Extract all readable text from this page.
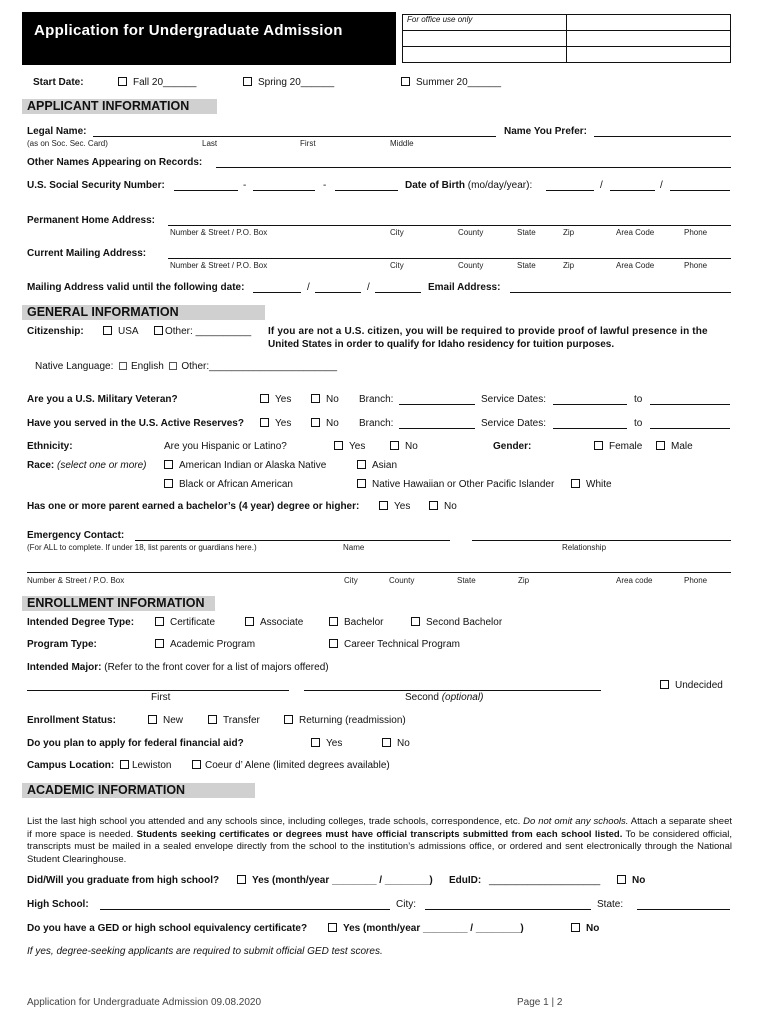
Application for Undergraduate Admission
For office use only	

Start Date:	Fall 20______	Spring 20______	Summer 20______
APPLICANT INFORMATION
Legal Name:
(as on Soc. Sec. Card)	Last	First	Middle
Name You Prefer:
Other Names Appearing on Records:
U.S. Social Security Number:	-	-	Date of Birth (mo/day/year):	/	/
Permanent Home Address:
Number & Street / P.O. Box	City	County	State	Zip	Area Code	Phone
Current Mailing Address:
Number & Street / P.O. Box	City	County	State	Zip	Area Code	Phone
Mailing Address valid until the following date:	/	/	Email Address:
GENERAL INFORMATION
Citizenship:	USA	Other: __________ If you are not a U.S. citizen, you will be required to provide proof of lawful presence in the
United States in order to qualify for Idaho residency for tuition purposes.
Native Language: English Other:_______________________
Are you a U.S. Military Veteran?	Yes	No Branch:	Service Dates:	to
Have you served in the U.S. Active Reserves?	Yes	No Branch:	Service Dates:	to
Ethnicity:	Are you Hispanic or Latino?	Yes	No	Gender:	Female	Male
Race: (select one or more)	American Indian or Alaska Native	Asian
Black or African American	Native Hawaiian or Other Pacific Islander	White
Has one or more parent earned a bachelor’s (4 year) degree or higher:	Yes	No
Emergency Contact:
(For ALL to complete. If under 18, list parents or guardians here.)	Name	Relationship
Number & Street / P.O. Box	City	County	State	Zip	Area code	Phone
ENROLLMENT INFORMATION
Intended Degree Type:	Certificate	Associate	Bachelor	Second Bachelor
Program Type:	Academic Program	Career Technical Program
Intended Major: (Refer to the front cover for a list of majors offered)
Undecided
First	Second (optional)
Enrollment Status:	New	Transfer	Returning (readmission)
Do you plan to apply for federal financial aid?	Yes	No
Campus Location:	Lewiston	Coeur d’ Alene (limited degrees available)
ACADEMIC INFORMATION
List the last high school you attended and any schools since, including colleges, trade schools, correspondence, etc. Do not omit any schools. Attach a separate sheet if more space is needed. Students seeking certificates or degrees must have official transcripts submitted from each school listed. To be considered official, transcripts must be mailed in a sealed envelope directly from the school to the institution’s admissions office, or ordered and sent electronically through the National Student Clearinghouse.
Did/Will you graduate from high school?	Yes (month/year ________ / ________) EduID: ____________________	No
High School:	City:	State:
Do you have a GED or high school equivalency certificate?	Yes (month/year ________ / ________)	No
If yes, degree-seeking applicants are required to submit official GED test scores.
Application for Undergraduate Admission 09.08.2020	Page 1 | 2
